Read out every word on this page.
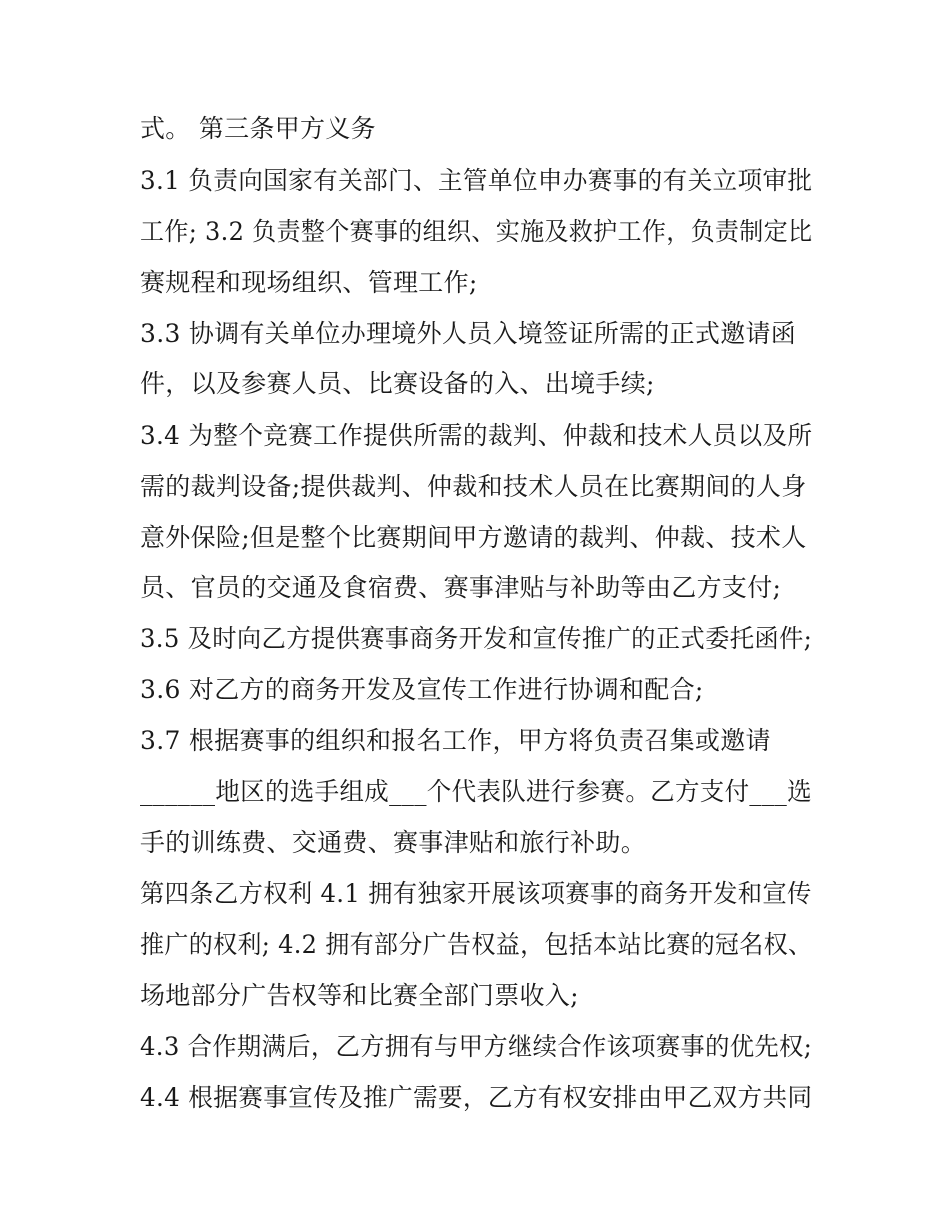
式。 第三条甲方义务
3.1 负责向国家有关部门、主管单位申办赛事的有关立项审批
工作; 3.2 负责整个赛事的组织、实施及救护工作，负责制定比
赛规程和现场组织、管理工作;
3.3 协调有关单位办理境外人员入境签证所需的正式邀请函
件，以及参赛人员、比赛设备的入、出境手续;
3.4 为整个竞赛工作提供所需的裁判、仲裁和技术人员以及所
需的裁判设备;提供裁判、仲裁和技术人员在比赛期间的人身
意外保险;但是整个比赛期间甲方邀请的裁判、仲裁、技术人
员、官员的交通及食宿费、赛事津贴与补助等由乙方支付;
3.5 及时向乙方提供赛事商务开发和宣传推广的正式委托函件;
3.6 对乙方的商务开发及宣传工作进行协调和配合;
3.7 根据赛事的组织和报名工作，甲方将负责召集或邀请
______地区的选手组成___个代表队进行参赛。乙方支付___选
手的训练费、交通费、赛事津贴和旅行补助。
第四条乙方权利 4.1 拥有独家开展该项赛事的商务开发和宣传
推广的权利; 4.2 拥有部分广告权益，包括本站比赛的冠名权、
场地部分广告权等和比赛全部门票收入;
4.3 合作期满后，乙方拥有与甲方继续合作该项赛事的优先权;
4.4 根据赛事宣传及推广需要，乙方有权安排由甲乙双方共同
